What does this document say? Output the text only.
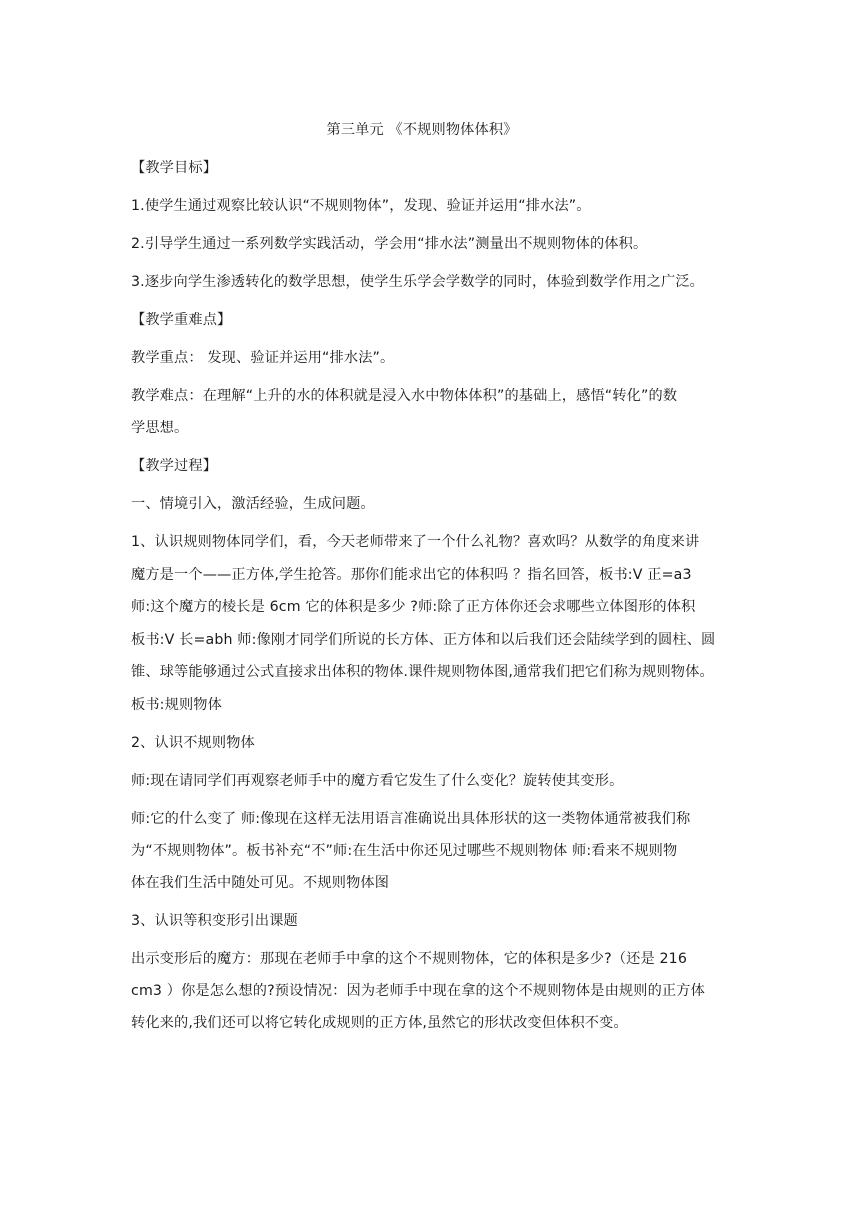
第三单元 《不规则物体体积》
【教学目标】
1.使学生通过观察比较认识“不规则物体”，发现、验证并运用“排水法”。
2.引导学生通过一系列数学实践活动，学会用“排水法”测量出不规则物体的体积。
3.逐步向学生渗透转化的数学思想，使学生乐学会学数学的同时，体验到数学作用之广泛。
【教学重难点】
教学重点： 发现、验证并运用“排水法”。
教学难点：在理解“上升的水的体积就是浸入水中物体体积”的基础上，感悟“转化”的数
学思想。
【教学过程】
一、情境引入，激活经验，生成问题。
1、认识规则物体同学们，看，今天老师带来了一个什么礼物？喜欢吗？从数学的角度来讲
魔方是一个——正方体,学生抢答。那你们能求出它的体积吗 ？指名回答，板书:V 正=a3
师:这个魔方的棱长是 6cm 它的体积是多少 ?师:除了正方体你还会求哪些立体图形的体积
板书:V 长=abh 师:像刚才同学们所说的长方体、正方体和以后我们还会陆续学到的圆柱、圆
锥、球等能够通过公式直接求出体积的物体.课件规则物体图,通常我们把它们称为规则物体。
板书:规则物体
2、认识不规则物体
师:现在请同学们再观察老师手中的魔方看它发生了什么变化？旋转使其变形。
师:它的什么变了 师:像现在这样无法用语言准确说出具体形状的这一类物体通常被我们称
为“不规则物体”。板书补充“不”师:在生活中你还见过哪些不规则物体 师:看来不规则物
体在我们生活中随处可见。不规则物体图
3、认识等积变形引出课题
出示变形后的魔方：那现在老师手中拿的这个不规则物体，它的体积是多少?（还是 216
cm3 ）你是怎么想的?预设情况：因为老师手中现在拿的这个不规则物体是由规则的正方体
转化来的,我们还可以将它转化成规则的正方体,虽然它的形状改变但体积不变。
